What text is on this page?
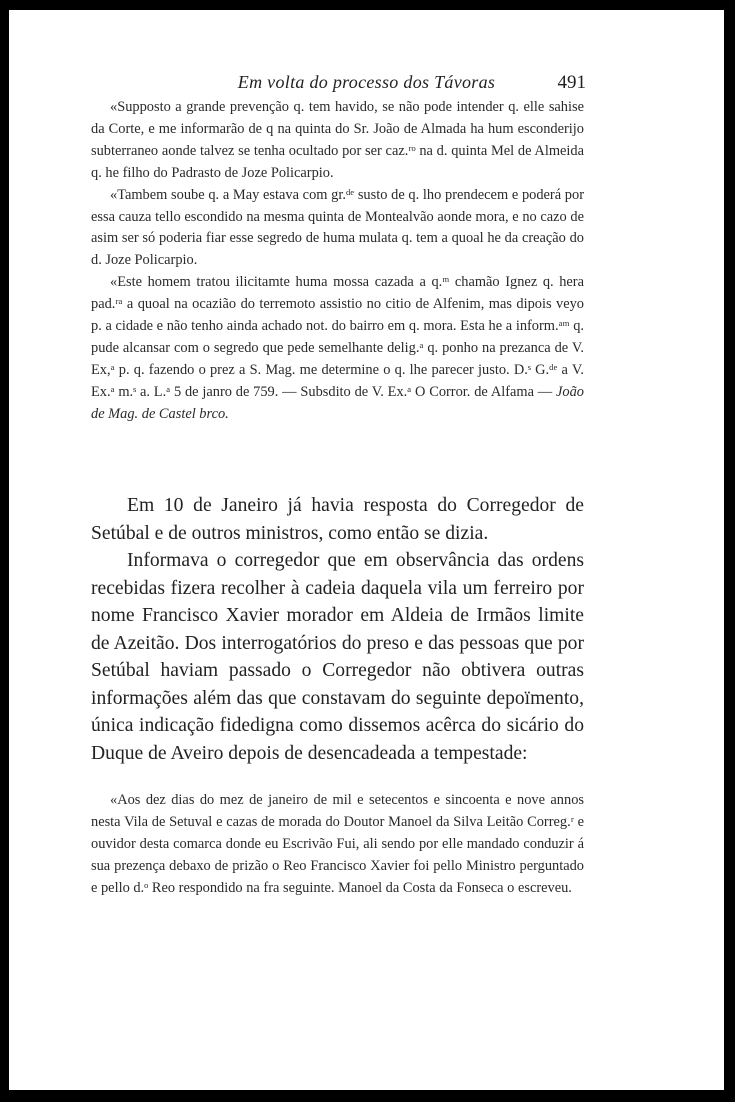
Em volta do processo dos Távoras	491

«Supposto a grande prevenção q. tem havido, se não pode intender q. elle sahise da Corte, e me informarão de q na quinta do Sr. João de Almada ha hum esconderijo subterraneo aonde talvez se tenha ocultado por ser caz.ʳᵒ na d. quinta Mel de Almeida q. he filho do Padrasto de Joze Policarpio.

«Tambem soube q. a May estava com gr.ᵈᵉ susto de q. lho prendecem e poderá por essa cauza tello escondido na mesma quinta de Montealvão aonde mora, e no cazo de asim ser só poderia fiar esse segredo de huma mulata q. tem a quoal he da creação do d. Joze Policarpio.

«Este homem tratou ilicitamte huma mossa cazada a q.ᵐ chamão Ignez q. hera pad.ʳᵃ a quoal na ocazião do terremoto assistio no citio de Alfenim, mas dipois veyo p. a cidade e não tenho ainda achado not. do bairro em q. mora. Esta he a inform.ᵃᵐ q. pude alcansar com o segredo que pede semelhante delig.ᵃ q. ponho na prezanca de V. Ex,ᵃ p. q. fazendo o prez a S. Mag. me determine o q. lhe parecer justo. D.ˢ G.ᵈᵉ a V. Ex.ᵃ m.ˢ a. L.ᵃ 5 de janro de 759. — Subsdito de V. Ex.ᵃ O Corror. de Alfama — João de Mag. de Castel brco.

Em 10 de Janeiro já havia resposta do Corregedor de Setúbal e de outros ministros, como então se dizia.

Informava o corregedor que em observância das ordens recebidas fizera recolher à cadeia daquela vila um ferreiro por nome Francisco Xavier morador em Aldeia de Irmãos limite de Azeitão. Dos interrogatórios do preso e das pessoas que por Setúbal haviam passado o Corregedor não obtivera outras informações além das que constavam do seguinte depoïmento, única indicação fidedigna como dissemos acêrca do sicário do Duque de Aveiro depois de desencadeada a tempestade:

«Aos dez dias do mez de janeiro de mil e setecentos e sincoenta e nove annos nesta Vila de Setuval e cazas de morada do Doutor Manoel da Silva Leitão Correg.ʳ e ouvidor desta comarca donde eu Escrivão Fui, ali sendo por elle mandado conduzir á sua prezença debaxo de prizão o Reo Francisco Xavier foi pello Ministro perguntado e pello d.ᵒ Reo respondido na fra seguinte. Manoel da Costa da Fonseca o escreveu.
